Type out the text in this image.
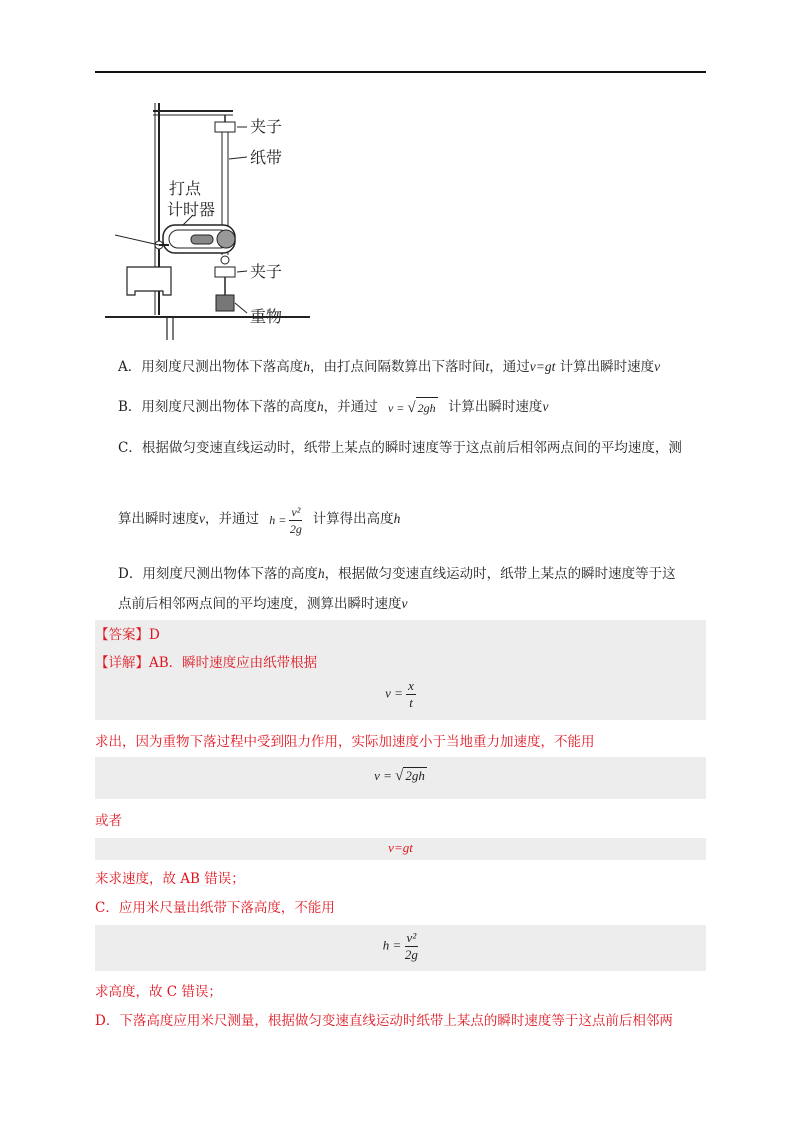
夹子
纸带
打点
计时器
夹子
重物
A．用刻度尺测出物体下落高度h，由打点间隔数算出下落时间t，通过v=gt 计算出瞬时速度v
B．用刻度尺测出物体下落的高度h，并通过 v = √ 2gh 计算出瞬时速度v
C．根据做匀变速直线运动时，纸带上某点的瞬时速度等于这点前后相邻两点间的平均速度，测
算出瞬时速度v，并通过 $h = \frac{\text{v²}}{2g}$ 计算得出高度h
D．用刻度尺测出物体下落的高度h，根据做匀变速直线运动时，纸带上某点的瞬时速度等于这
点前后相邻两点间的平均速度，测算出瞬时速度v
【答案】D
【详解】AB．瞬时速度应由纸带根据
$v = \frac{x}{t}$
求出，因为重物下落过程中受到阻力作用，实际加速度小于当地重力加速度，不能用
v = √ 2gh
或者
v=gt
来求速度，故 AB 错误；
C．应用米尺量出纸带下落高度，不能用
$h = \frac{\text{v²}}{2g}$
求高度，故 C 错误；
D．下落高度应用米尺测量，根据做匀变速直线运动时纸带上某点的瞬时速度等于这点前后相邻两
